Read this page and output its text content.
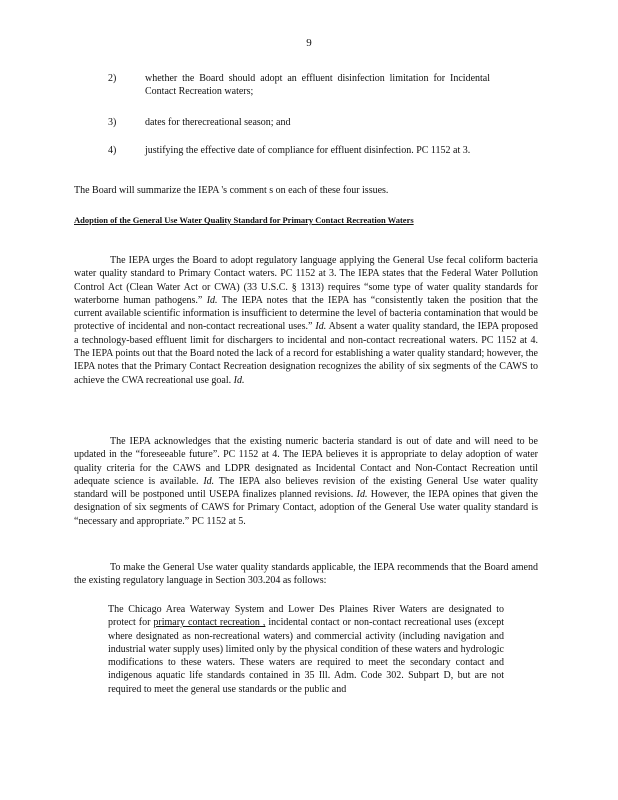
9
2)	whether the Board should adopt an effluent disinfection limitation for Incidental Contact Recreation waters;
3)	dates for therecreational season; and
4)	justifying the effective date of compliance for effluent disinfection. PC 1152 at 3.
The Board will summarize the IEPA 's comment s on each of these four issues.
Adoption of the General Use Water Quality Standard for Primary Contact Recreation Waters
The IEPA urges the Board to adopt regulatory language applying the General Use fecal coliform bacteria water quality standard to Primary Contact waters. PC 1152 at 3. The IEPA states that the Federal Water Pollution Control Act (Clean Water Act or CWA) (33 U.S.C. § 1313) requires “some type of water quality standards for waterborne human pathogens.” Id. The IEPA notes that the IEPA has “consistently taken the position that the current available scientific information is insufficient to determine the level of bacteria contamination that would be protective of incidental and non-contact recreational uses.” Id. Absent a water quality standard, the IEPA proposed a technology-based effluent limit for dischargers to incidental and non-contact recreational waters. PC 1152 at 4. The IEPA points out that the Board noted the lack of a record for establishing a water quality standard; however, the IEPA notes that the Primary Contact Recreation designation recognizes the ability of six segments of the CAWS to achieve the CWA recreational use goal. Id.
The IEPA acknowledges that the existing numeric bacteria standard is out of date and will need to be updated in the “foreseeable future”. PC 1152 at 4. The IEPA believes it is appropriate to delay adoption of water quality criteria for the CAWS and LDPR designated as Incidental Contact and Non-Contact Recreation until adequate science is available. Id. The IEPA also believes revision of the existing General Use water quality standard will be postponed until USEPA finalizes planned revisions. Id. However, the IEPA opines that given the designation of six segments of CAWS for Primary Contact, adoption of the General Use water quality standard is “necessary and appropriate.” PC 1152 at 5.
To make the General Use water quality standards applicable, the IEPA recommends that the Board amend the existing regulatory language in Section 303.204 as follows:
The Chicago Area Waterway System and Lower Des Plaines River Waters are designated to protect for primary contact recreation , incidental contact or non-contact recreational uses (except where designated as non-recreational waters) and commercial activity (including navigation and industrial water supply uses) limited only by the physical condition of these waters and hydrologic modifications to these waters. These waters are required to meet the secondary contact and indigenous aquatic life standards contained in 35 Ill. Adm. Code 302. Subpart D, but are not required to meet the general use standards or the public and
